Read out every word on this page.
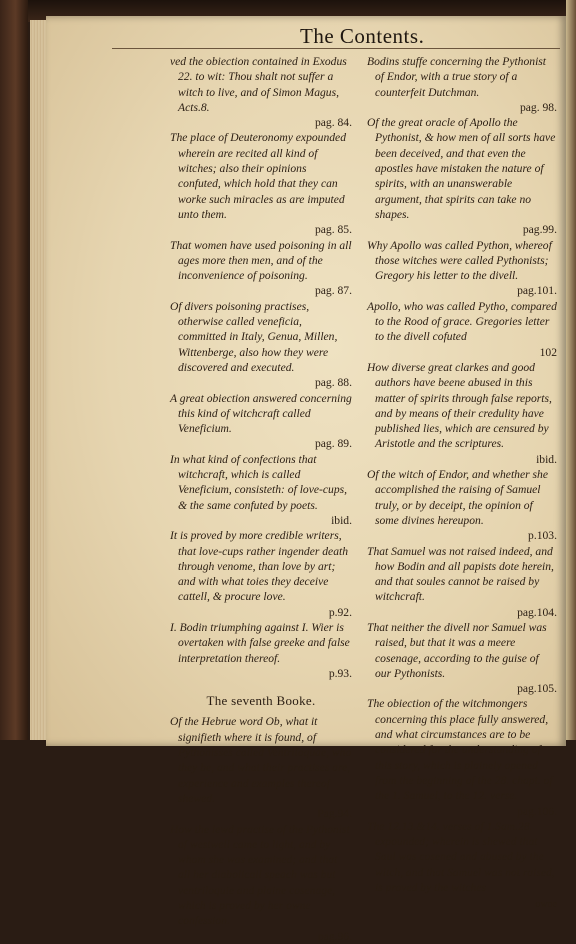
The Contents.
ved the obiection contained in Exodus 22. to wit: Thou shalt not suffer a witch to live, and of Simon Magus, Acts.8.
pag. 84.
The place of Deuteronomy expounded wherein are recited all kind of witches; also their opinions confuted, which hold that they can worke such miracles as are imputed unto them.
pag. 85.
That women have used poisoning in all ages more then men, and of the inconvenience of poisoning.
pag. 87.
Of divers poisoning practises, otherwise called veneficia, committed in Italy, Genua, Millen, Wittenberge, also how they were discovered and executed.
pag. 88.
A great obiection answered concerning this kind of witchcraft called Veneficium.
pag. 89.
In what kind of confections that witchcraft, which is called Veneficium, consisteth: of love-cups, & the same confuted by poets.
ibid.
It is proved by more credible writers, that love-cups rather ingender death through venome, than love by art; and with what toies they deceive cattell, & procure love.
p.92.
I. Bodin triumphing against I. Wier is overtaken with false greeke and false interpretation thereof.
p.93.
The seventh Booke.
Of the Hebrue word Ob, what it signifieth where it is found, of Pythonisses called Ventriloquae, who they be, and what their practises are, experience and examples thereof shewed.
Pag.94.
How the lewd practise of the Pythonist of westwell came to light, and by whom she was examined; and that all her diabolicall speach was but ventriloquie and plaine cosenage, which is proved by her owne confession.
pag.96.
Bodins stuffe concerning the Pythonist of Endor, with a true story of a counterfeit Dutchman.
pag. 98.
Of the great oracle of Apollo the Pythonist, & how men of all sorts have been deceived, and that even the apostles have mistaken the nature of spirits, with an unanswerable argument, that spirits can take no shapes.
pag.99.
Why Apollo was called Python, whereof those witches were called Pythonists; Gregory his letter to the divell.
pag.101.
Apollo, who was called Pytho, compared to the Rood of grace. Gregories letter to the divell cofuted
102
How diverse great clarkes and good authors have beene abused in this matter of spirits through false reports, and by means of their credulity have published lies, which are censured by Aristotle and the scriptures.
ibid.
Of the witch of Endor, and whether she accomplished the raising of Samuel truly, or by deceipt, the opinion of some divines hereupon.
p.103.
That Samuel was not raised indeed, and how Bodin and all papists dote herein, and that soules cannot be raised by witchcraft.
pag.104.
That neither the divell nor Samuel was raised, but that it was a meere cosenage, according to the guise of our Pythonists.
pag.105.
The obiection of the witchmongers concerning this place fully answered, and what circumstances are to be considered for the understanding of this story, which is plainely opened from the beginning of the 28. chapt. of the 1. Samuel, to the 12. verse.
pag.106.
The 12.13.&14. verses of 1.Sam.28. expounded; wherein is shewed that Saul was cosened and abused by the witch, and that Samuel was not raised, is proved by the witches
owne
